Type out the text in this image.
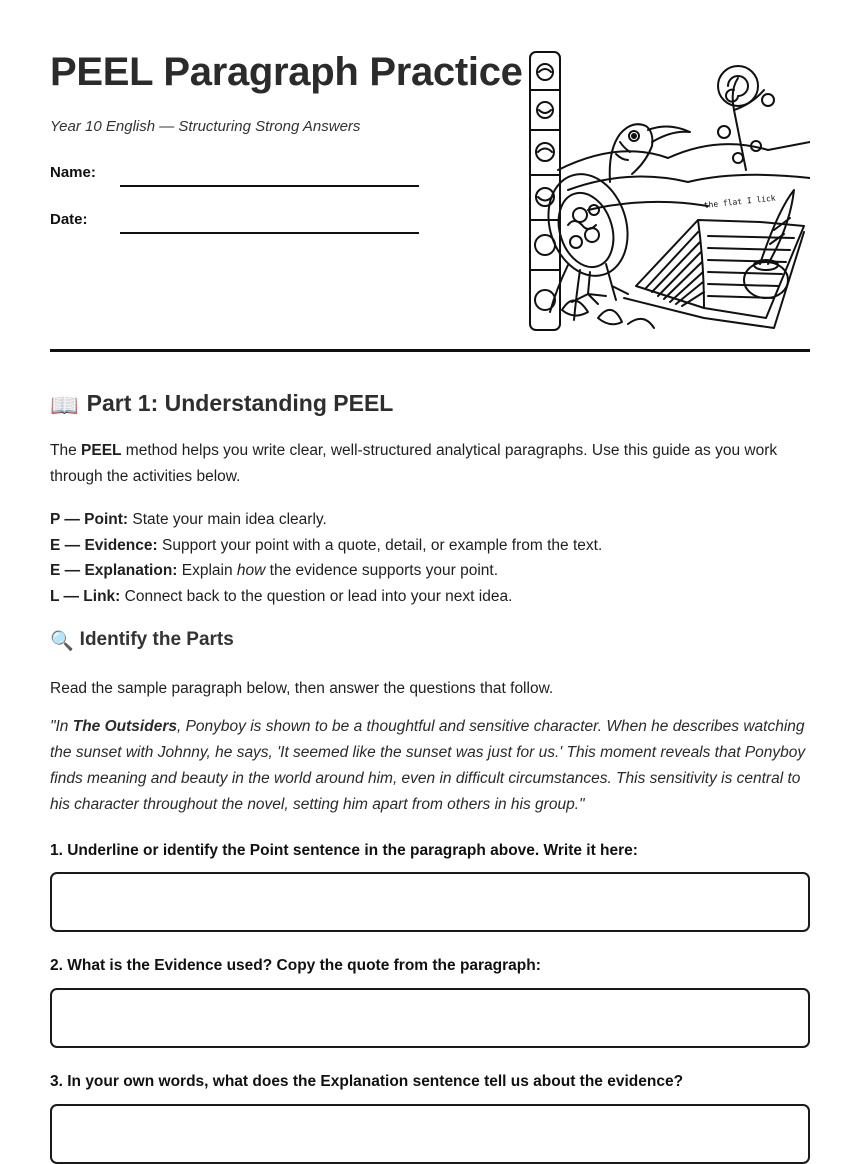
PEEL Paragraph Practice
Year 10 English — Structuring Strong Answers
Name:
Date:
the flat I lick
📖 Part 1: Understanding PEEL

The PEEL method helps you write clear, well-structured analytical paragraphs. Use this guide as you work through the activities below.

P — Point: State your main idea clearly.
E — Evidence: Support your point with a quote, detail, or example from the text.
E — Explanation: Explain how the evidence supports your point.
L — Link: Connect back to the question or lead into your next idea.
🔍 Identify the Parts

Read the sample paragraph below, then answer the questions that follow.

"In The Outsiders, Ponyboy is shown to be a thoughtful and sensitive character. When he describes watching the sunset with Johnny, he says, 'It seemed like the sunset was just for us.' This moment reveals that Ponyboy finds meaning and beauty in the world around him, even in difficult circumstances. This sensitivity is central to his character throughout the novel, setting him apart from others in his group."

1. Underline or identify the Point sentence in the paragraph above. Write it here:
2. What is the Evidence used? Copy the quote from the paragraph:
3. In your own words, what does the Explanation sentence tell us about the evidence?
